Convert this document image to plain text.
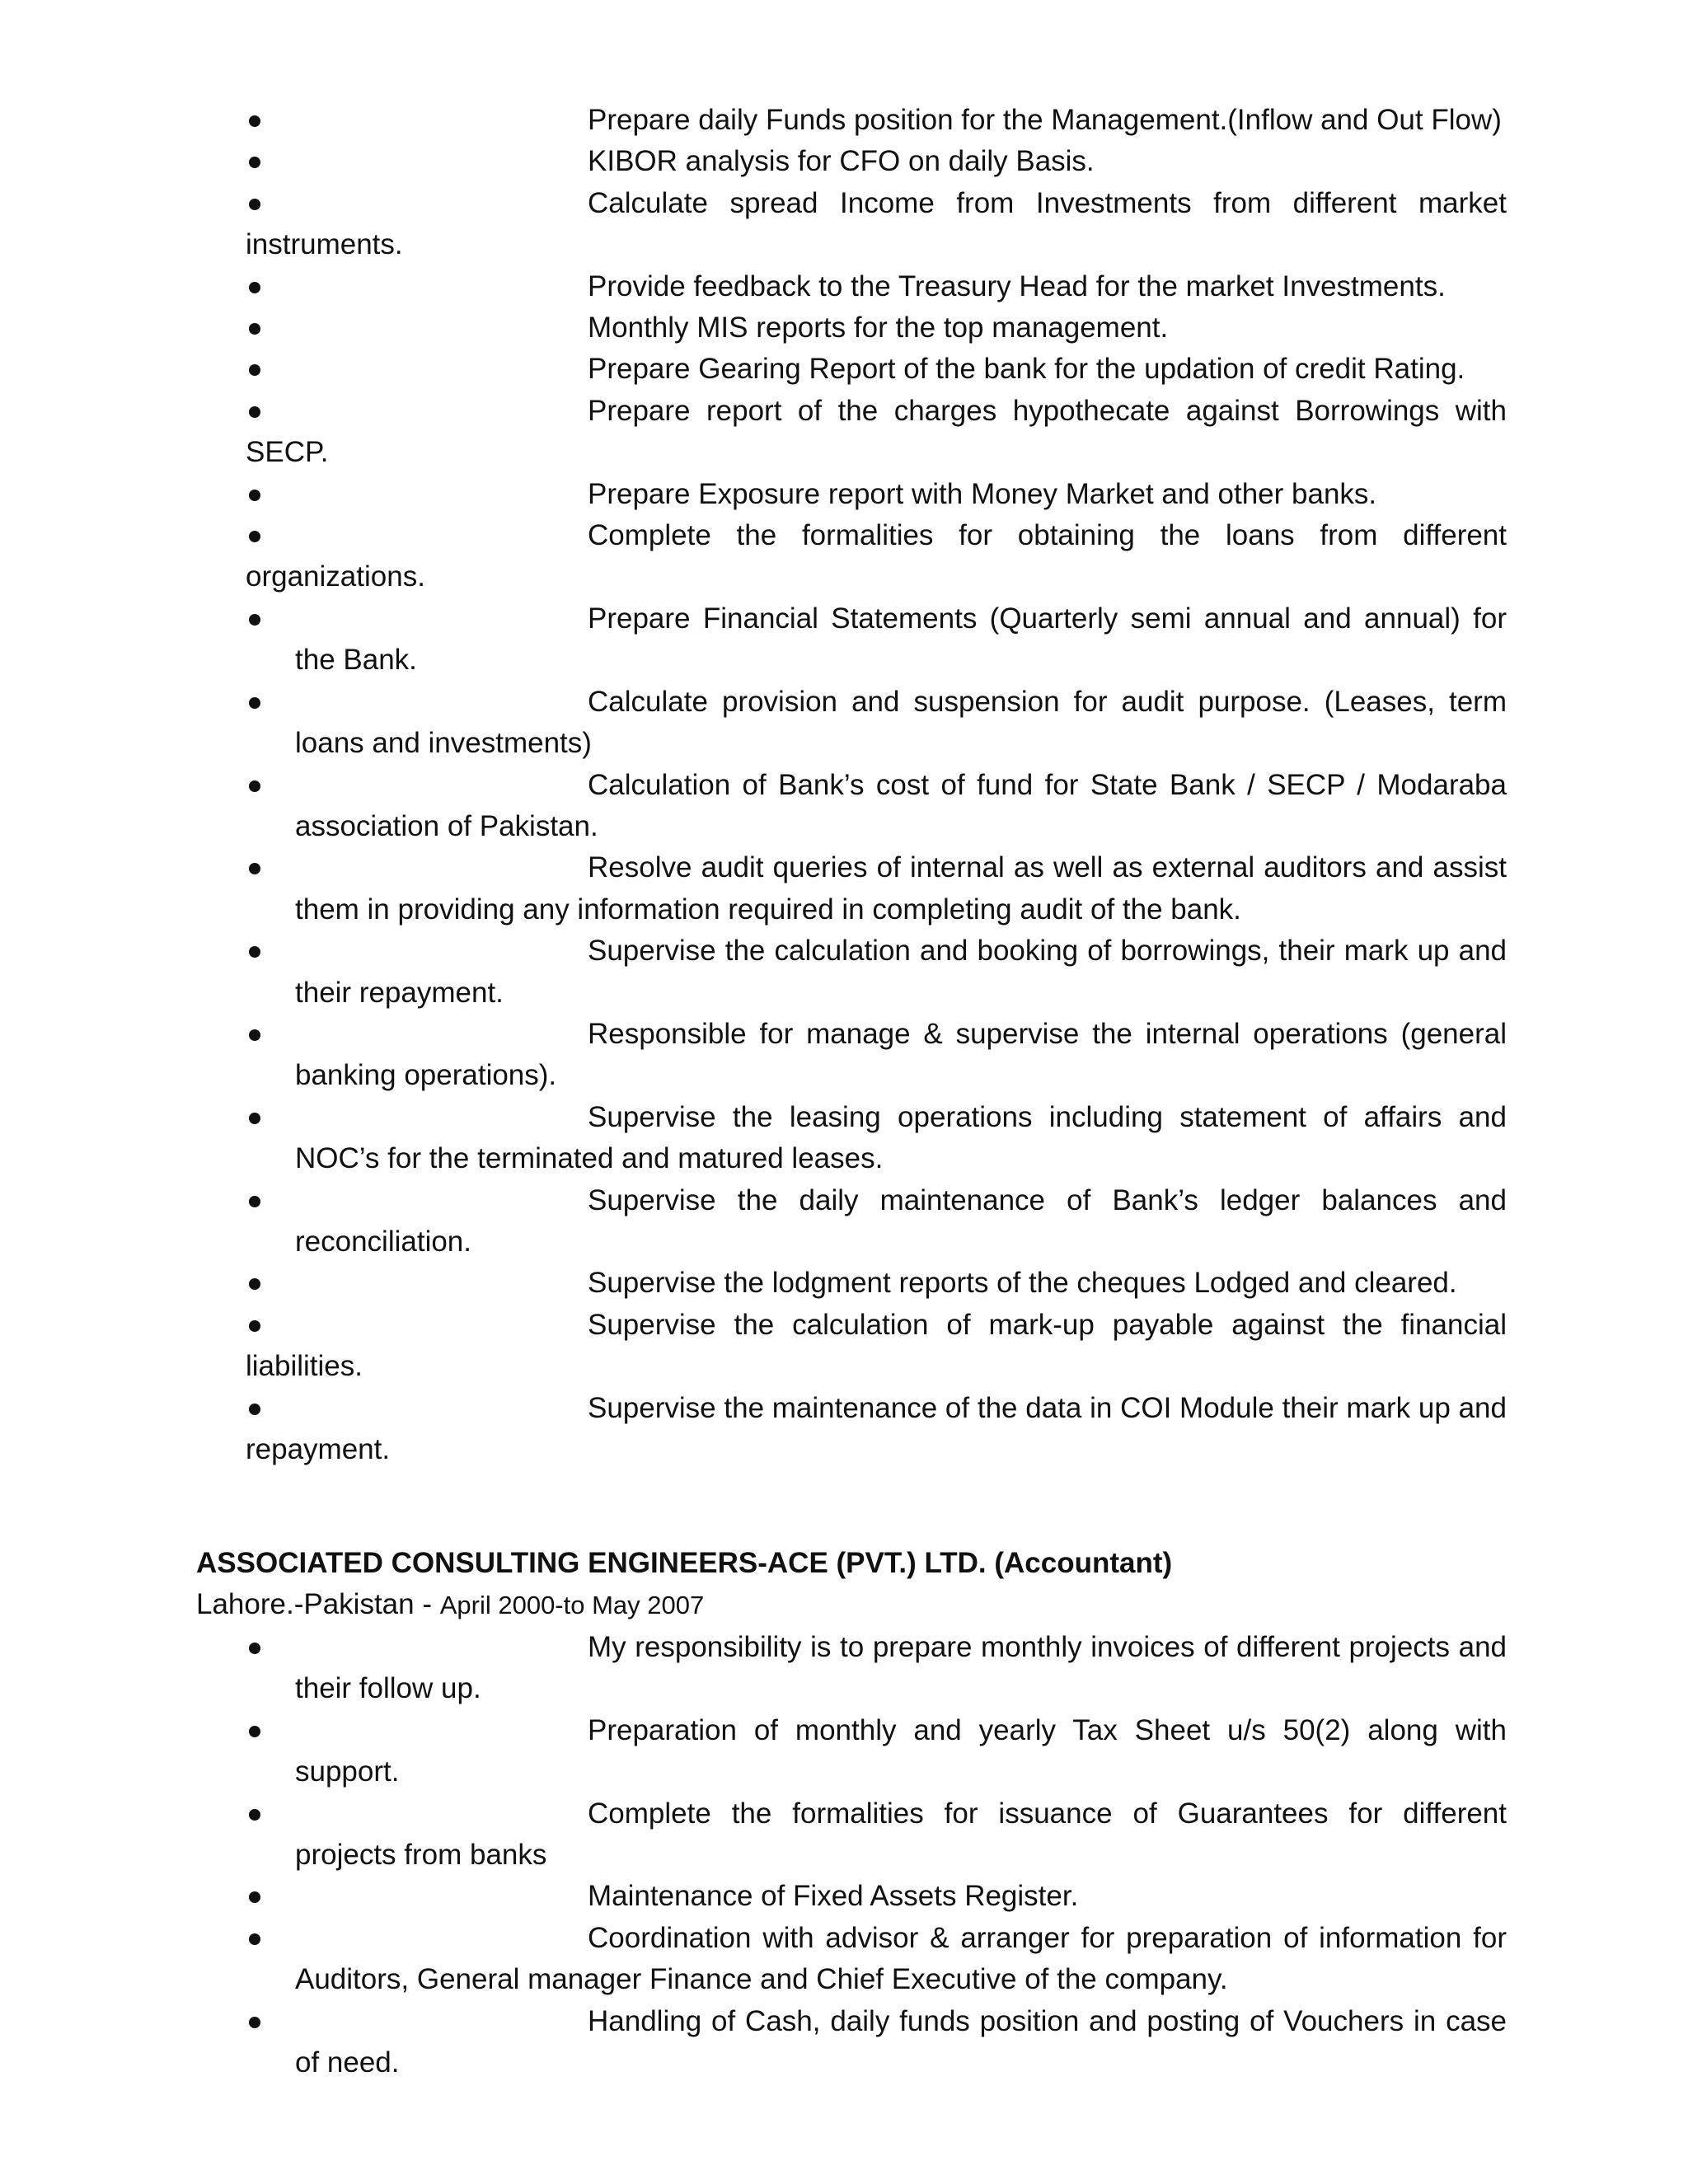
Prepare daily Funds position for the Management.(Inflow and Out Flow)
KIBOR analysis for CFO on daily Basis.
Calculate spread Income from Investments from different market instruments.
Provide feedback to the Treasury Head for the market Investments.
Monthly MIS reports for the top management.
Prepare Gearing Report of the bank for the updation of credit Rating.
Prepare report of the charges hypothecate against Borrowings with SECP.
Prepare Exposure report with Money Market and other banks.
Complete the formalities for obtaining the loans from different organizations.
Prepare Financial Statements (Quarterly semi annual and annual) for the Bank.
Calculate provision and suspension for audit purpose. (Leases, term loans and investments)
Calculation of Bank’s cost of fund for State Bank / SECP / Modaraba association of Pakistan.
Resolve audit queries of internal as well as external auditors and assist them in providing any information required in completing audit of the bank.
Supervise the calculation and booking of borrowings, their mark up and their repayment.
Responsible for manage & supervise the internal operations (general banking operations).
Supervise the leasing operations including statement of affairs and NOC’s for the terminated and matured leases.
Supervise the daily maintenance of Bank’s ledger balances and reconciliation.
Supervise the lodgment reports of the cheques Lodged and cleared.
Supervise the calculation of mark-up payable against the financial liabilities.
Supervise the maintenance of the data in COI Module their mark up and repayment.
ASSOCIATED CONSULTING ENGINEERS-ACE (PVT.) LTD. (Accountant)
Lahore.-Pakistan - April 2000-to May 2007
My responsibility is to prepare monthly invoices of different projects and their follow up.
Preparation of monthly and yearly Tax Sheet u/s 50(2) along with support.
Complete the formalities for issuance of Guarantees for different projects from banks
Maintenance of Fixed Assets Register.
Coordination with advisor & arranger for preparation of information for Auditors, General manager Finance and Chief Executive of the company.
Handling of Cash, daily funds position and posting of Vouchers in case of need.
